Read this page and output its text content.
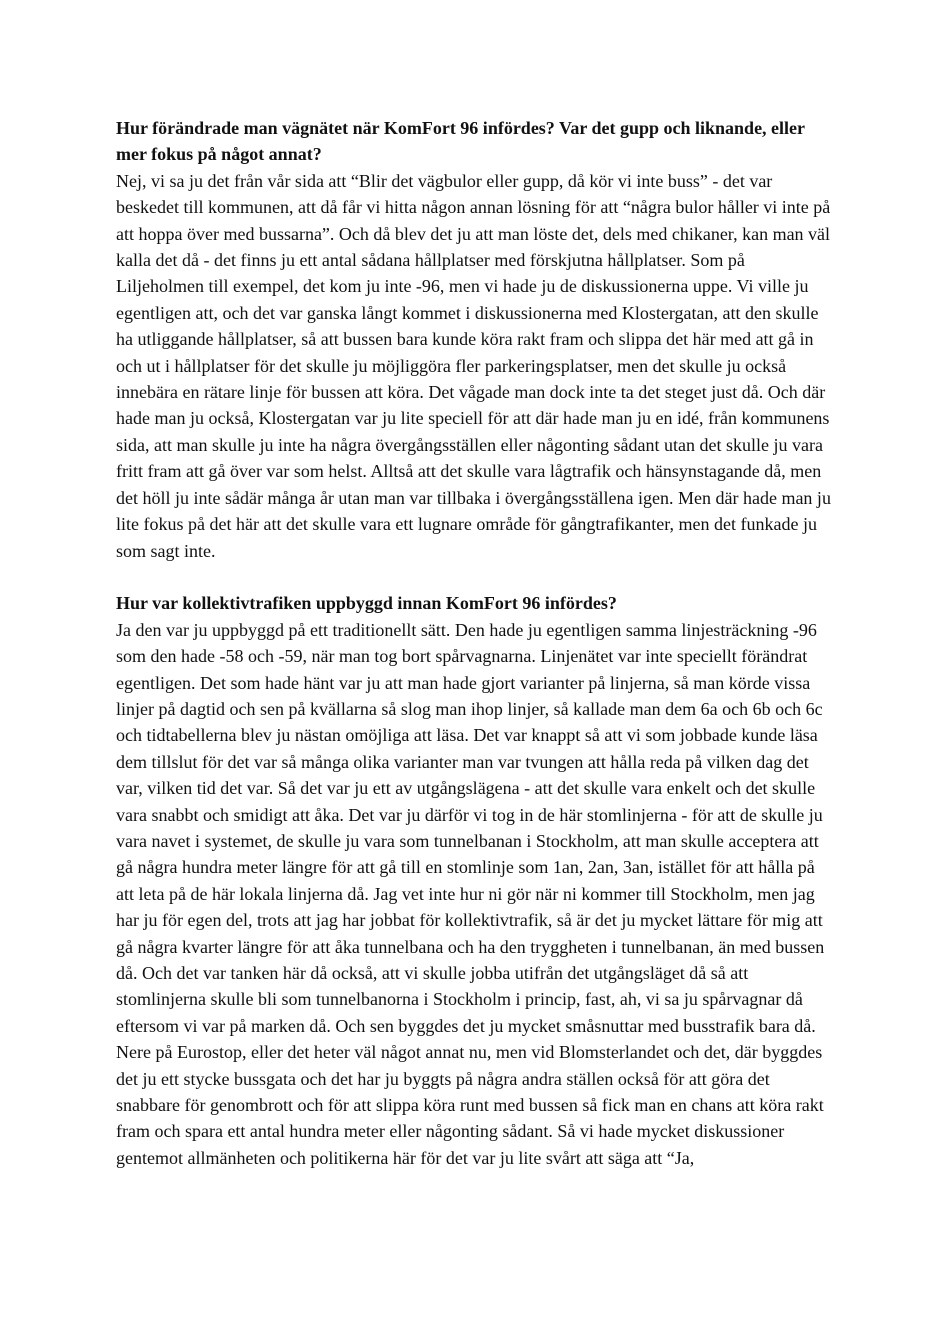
Hur förändrade man vägnätet när KomFort 96 infördes? Var det gupp och liknande, eller mer fokus på något annat?

Nej, vi sa ju det från vår sida att “Blir det vägbulor eller gupp, då kör vi inte buss” - det var beskedet till kommunen, att då får vi hitta någon annan lösning för att “några bulor håller vi inte på att hoppa över med bussarna”. Och då blev det ju att man löste det, dels med chikaner, kan man väl kalla det då - det finns ju ett antal sådana hållplatser med förskjutna hållplatser. Som på Liljeholmen till exempel, det kom ju inte -96, men vi hade ju de diskussionerna uppe. Vi ville ju egentligen att, och det var ganska långt kommet i diskussionerna med Klostergatan, att den skulle ha utliggande hållplatser, så att bussen bara kunde köra rakt fram och slippa det här med att gå in och ut i hållplatser för det skulle ju möjliggöra fler parkeringsplatser, men det skulle ju också innebära en rätare linje för bussen att köra. Det vågade man dock inte ta det steget just då. Och där hade man ju också, Klostergatan var ju lite speciell för att där hade man ju en idé, från kommunens sida, att man skulle ju inte ha några övergångsställen eller någonting sådant utan det skulle ju vara fritt fram att gå över var som helst. Alltså att det skulle vara lågtrafik och hänsynstagande då, men det höll ju inte sådär många år utan man var tillbaka i övergångsställena igen. Men där hade man ju lite fokus på det här att det skulle vara ett lugnare område för gångtrafikanter, men det funkade ju som sagt inte.

Hur var kollektivtrafiken uppbyggd innan KomFort 96 infördes?

Ja den var ju uppbyggd på ett traditionellt sätt. Den hade ju egentligen samma linjesträckning -96 som den hade -58 och -59, när man tog bort spårvagnarna. Linjenätet var inte speciellt förändrat egentligen. Det som hade hänt var ju att man hade gjort varianter på linjerna, så man körde vissa linjer på dagtid och sen på kvällarna så slog man ihop linjer, så kallade man dem 6a och 6b och 6c och tidtabellerna blev ju nästan omöjliga att läsa. Det var knappt så att vi som jobbade kunde läsa dem tillslut för det var så många olika varianter man var tvungen att hålla reda på vilken dag det var, vilken tid det var. Så det var ju ett av utgångslägena - att det skulle vara enkelt och det skulle vara snabbt och smidigt att åka. Det var ju därför vi tog in de här stomlinjerna - för att de skulle ju vara navet i systemet, de skulle ju vara som tunnelbanan i Stockholm, att man skulle acceptera att gå några hundra meter längre för att gå till en stomlinje som 1an, 2an, 3an, istället för att hålla på att leta på de här lokala linjerna då. Jag vet inte hur ni gör när ni kommer till Stockholm, men jag har ju för egen del, trots att jag har jobbat för kollektivtrafik, så är det ju mycket lättare för mig att gå några kvarter längre för att åka tunnelbana och ha den tryggheten i tunnelbanan, än med bussen då. Och det var tanken här då också, att vi skulle jobba utifrån det utgångsläget då så att stomlinjerna skulle bli som tunnelbanorna i Stockholm i princip, fast, ah, vi sa ju spårvagnar då eftersom vi var på marken då. Och sen byggdes det ju mycket småsnuttar med busstrafik bara då. Nere på Eurostop, eller det heter väl något annat nu, men vid Blomsterlandet och det, där byggdes det ju ett stycke bussgata och det har ju byggts på några andra ställen också för att göra det snabbare för genombrott och för att slippa köra runt med bussen så fick man en chans att köra rakt fram och spara ett antal hundra meter eller någonting sådant. Så vi hade mycket diskussioner gentemot allmänheten och politikerna här för det var ju lite svårt att säga att “Ja,
